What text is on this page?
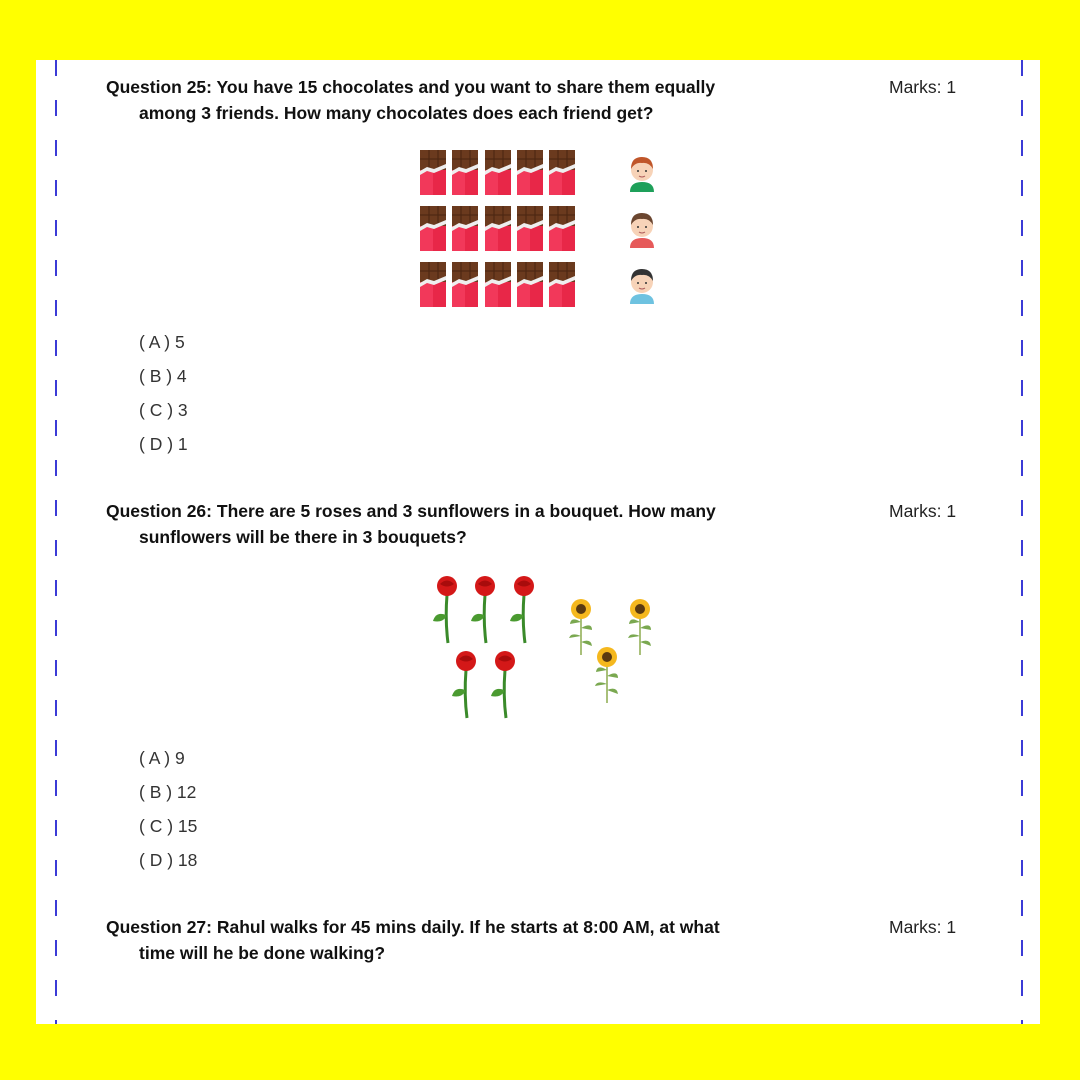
Question 25: You have 15 chocolates and you want to share them equally
among 3 friends. How many chocolates does each friend get?
Marks: 1
( A ) 5
( B ) 4
( C ) 3
( D ) 1
Question 26: There are 5 roses and 3 sunflowers in a bouquet. How many
sunflowers will be there in 3 bouquets?
Marks: 1
( A ) 9
( B ) 12
( C ) 15
( D ) 18
Question 27: Rahul walks for 45 mins daily. If he starts at 8:00 AM, at what
time will he be done walking?
Marks: 1
